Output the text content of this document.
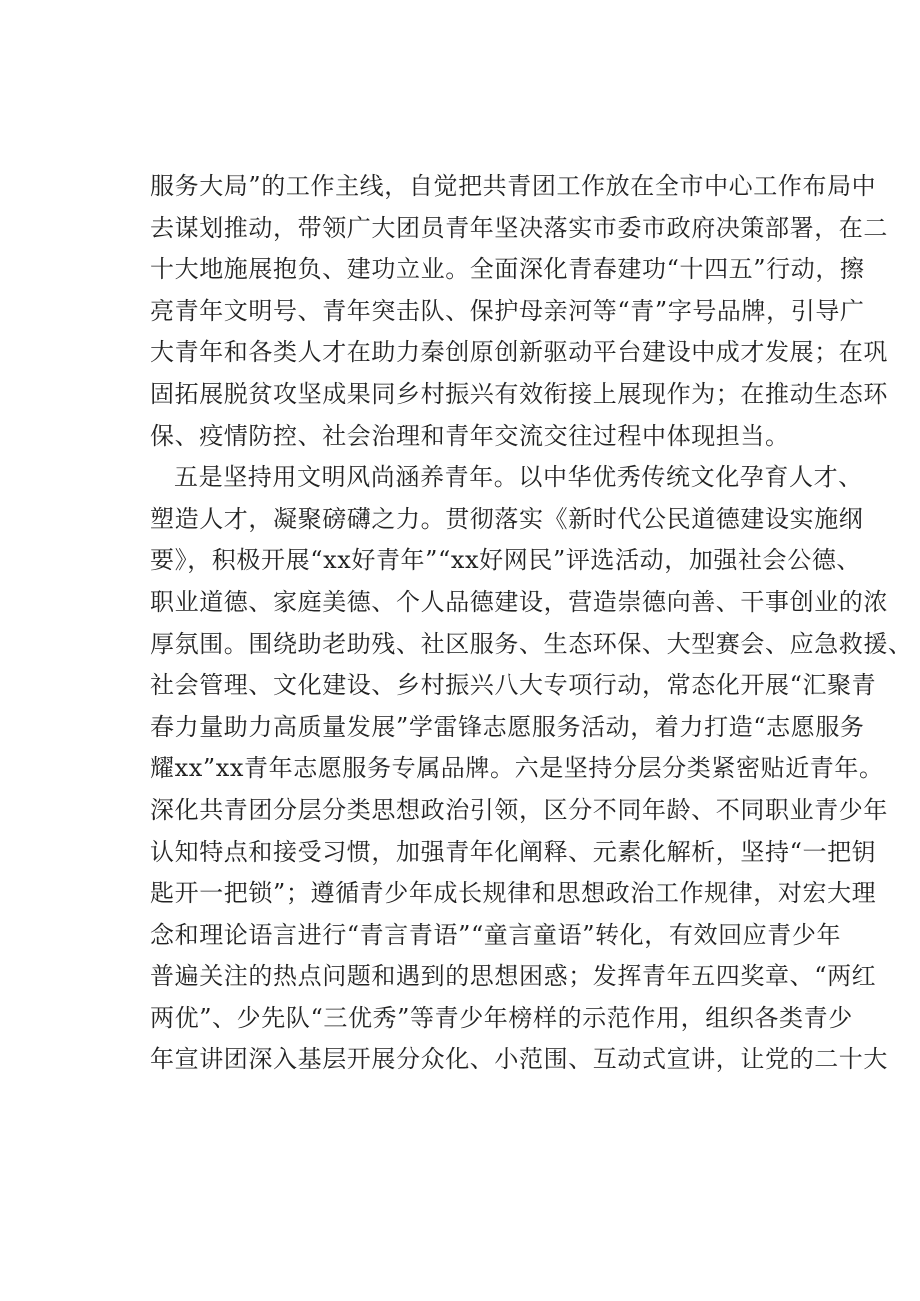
服务大局”的工作主线，自觉把共青团工作放在全市中心工作布局中
去谋划推动，带领广大团员青年坚决落实市委市政府决策部署，在二
十大地施展抱负、建功立业。全面深化青春建功“十四五”行动，擦
亮青年文明号、青年突击队、保护母亲河等“青”字号品牌，引导广
大青年和各类人才在助力秦创原创新驱动平台建设中成才发展；在巩
固拓展脱贫攻坚成果同乡村振兴有效衔接上展现作为；在推动生态环
保、疫情防控、社会治理和青年交流交往过程中体现担当。
五是坚持用文明风尚涵养青年。以中华优秀传统文化孕育人才、
塑造人才，凝聚磅礴之力。贯彻落实《新时代公民道德建设实施纲
要》，积极开展“xx好青年”“xx好网民”评选活动，加强社会公德、
职业道德、家庭美德、个人品德建设，营造崇德向善、干事创业的浓
厚氛围。围绕助老助残、社区服务、生态环保、大型赛会、应急救援、
社会管理、文化建设、乡村振兴八大专项行动，常态化开展“汇聚青
春力量助力高质量发展”学雷锋志愿服务活动，着力打造“志愿服务
耀xx”xx青年志愿服务专属品牌。六是坚持分层分类紧密贴近青年。
深化共青团分层分类思想政治引领，区分不同年龄、不同职业青少年
认知特点和接受习惯，加强青年化阐释、元素化解析，坚持“一把钥
匙开一把锁”；遵循青少年成长规律和思想政治工作规律，对宏大理
念和理论语言进行“青言青语”“童言童语”转化，有效回应青少年
普遍关注的热点问题和遇到的思想困惑；发挥青年五四奖章、“两红
两优”、少先队“三优秀”等青少年榜样的示范作用，组织各类青少
年宣讲团深入基层开展分众化、小范围、互动式宣讲，让党的二十大
